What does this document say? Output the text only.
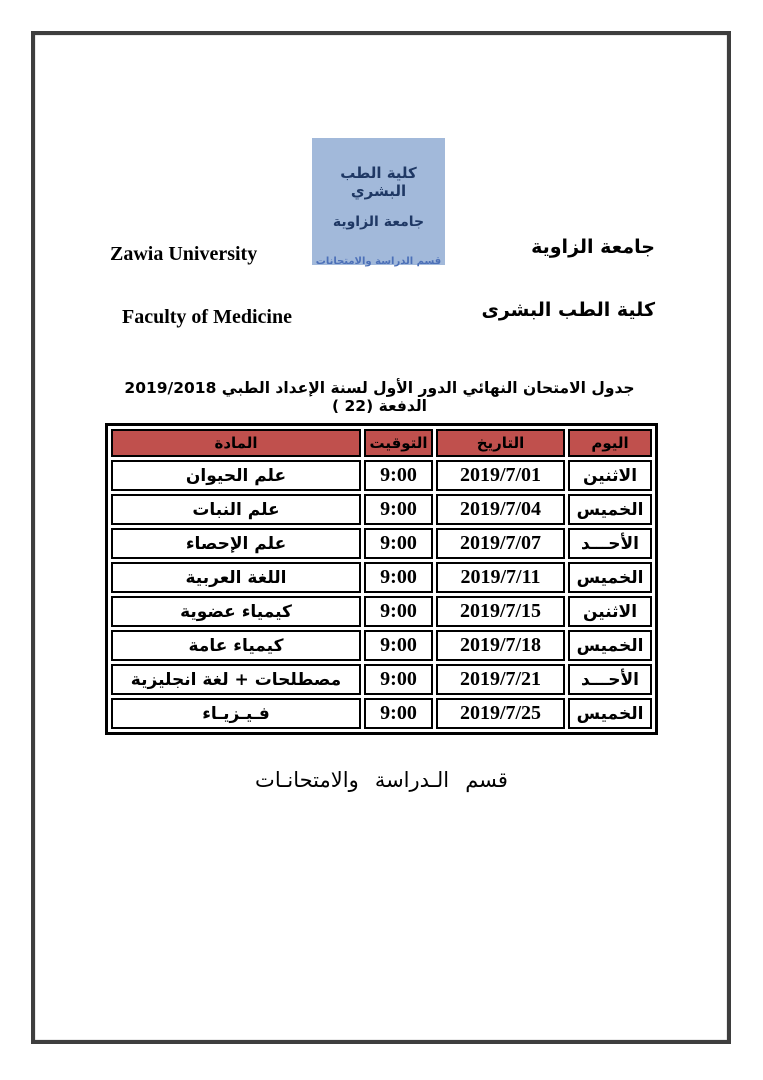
كلية الطب البشري
جامعة الزاوية
قسم الدراسة والامتحانات
جامعة الزاوية
Zawia University
كلية الطب البشرى
Faculty of Medicine
جدول الامتحان النهائي الدور الأول لسنة الإعداد الطبي 2019/2018 الدفعة (22 )
اليوم	التاريخ	التوقيت	المادة
الاثنين	2019/7/01	9:00	علم الحيوان
الخميس	2019/7/04	9:00	علم النبات
الأحـــد	2019/7/07	9:00	علم الإحصاء
الخميس	2019/7/11	9:00	اللغة العربية
الاثنين	2019/7/15	9:00	كيمياء عضوية
الخميس	2019/7/18	9:00	كيمياء عامة
الأحـــد	2019/7/21	9:00	مصطلحات + لغة انجليزية
الخميس	2019/7/25	9:00	فـيـزيـاء
قسم الـدراسة والامتحانـات
